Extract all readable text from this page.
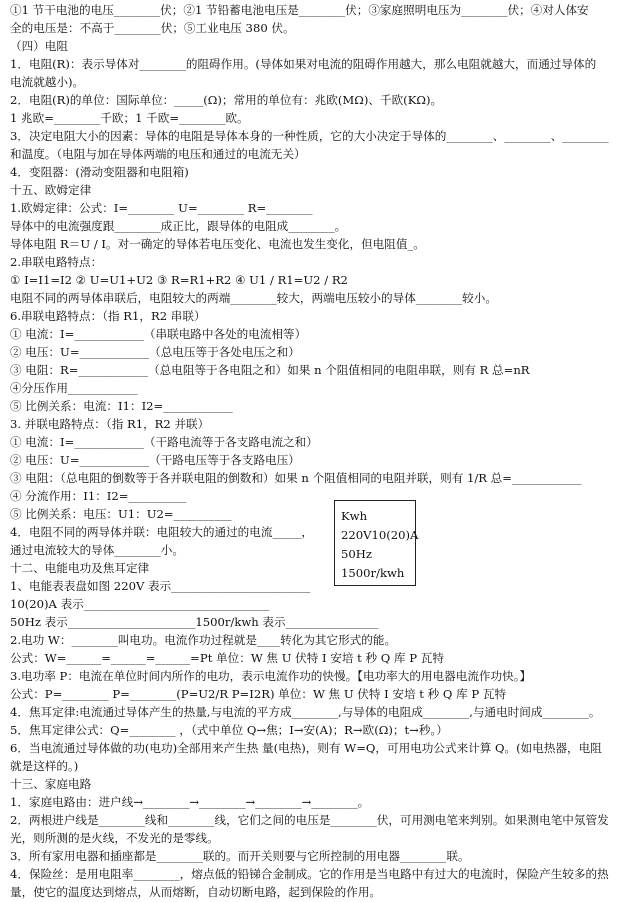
①1 节干电池的电压________伏；②1 节铅蓄电池电压是________伏；③家庭照明电压为________伏；④对人体安
全的电压是：不高于________伏；⑤工业电压 380 伏。
（四）电阻
1．电阻(R)：表示导体对________的阻碍作用。(导体如果对电流的阻碍作用越大，那么电阻就越大，而通过导体的
电流就越小)。
2．电阻(R)的单位：国际单位：_____(Ω)；常用的单位有：兆欧(MΩ)、千欧(KΩ)。
1 兆欧=________千欧；1 千欧=________欧。
3．决定电阻大小的因素：导体的电阻是导体本身的一种性质，它的大小决定于导体的________、________、________
和温度。（电阻与加在导体两端的电压和通过的电流无关）
4．变阻器：(滑动变阻器和电阻箱)
十五、欧姆定律
1.欧姆定律：公式：I=________ U=________ R=________
导体中的电流强度跟________成正比，跟导体的电阻成________。
导体电阻 R＝U / I。对一确定的导体若电压变化、电流也发生变化，但电阻值_。
2.串联电路特点：
① I=I1=I2 ② U=U1+U2 ③ R=R1+R2 ④ U1 / R1=U2 / R2
电阻不同的两导体串联后，电阻较大的两端________较大，两端电压较小的导体________较小。
6.串联电路特点：（指 R1，R2 串联）
① 电流：I=____________（串联电路中各处的电流相等）
② 电压：U=____________（总电压等于各处电压之和）
③ 电阻：R=____________（总电阻等于各电阻之和）如果 n 个阻值相同的电阻串联，则有 R 总=nR
④分压作用____________
⑤ 比例关系：电流：I1：I2=____________
3. 并联电路特点：（指 R1，R2 并联）
① 电流：I=____________（干路电流等于各支路电流之和）
② 电压：U=____________（干路电压等于各支路电压）
③ 电阻：（总电阻的倒数等于各并联电阻的倒数和）如果 n 个阻值相同的电阻并联，则有 1/R 总=____________
④ 分流作用：I1：I2=__________
⑤ 比例关系：电压：U1：U2=__________
4．电阻不同的两导体并联：电阻较大的通过的电流_____，
通过电流较大的导体________小。
十二、电能电功及焦耳定律
1、电能表表盘如图 220V 表示________________________
10(20)A 表示________________________________
50Hz 表示______________________1500r/kwh 表示________________
2.电功 W：________叫电功。电流作功过程就是____转化为其它形式的能。
公式：W=______=______=______=Pt 单位：W 焦 U 伏特 I 安培 t 秒 Q 库 P 瓦特
3.电功率 P：电流在单位时间内所作的电功，表示电流作功的快慢。【电功率大的用电器电流作功快。】
公式：P=________ P=________(P=U2/R P=I2R) 单位：W 焦 U 伏特 I 安培 t 秒 Q 库 P 瓦特
4．焦耳定律:电流通过导体产生的热量,与电流的平方成________,与导体的电阻成________,与通电时间成________。
5．焦耳定律公式：Q=________ ，（式中单位 Q→焦；I→安(A)；R→欧(Ω)；t→秒。）
6．当电流通过导体做的功(电功)全部用来产生热 量(电热)，则有 W=Q，可用电功公式来计算 Q。(如电热器，电阻
就是这样的。)
十三、家庭电路
1．家庭电路由：进户线→________→________→________→________。
2．两根进户线是________线和________线，它们之间的电压是________伏，可用测电笔来判别。如果测电笔中氖管发
光，则所测的是火线，不发光的是零线。
3．所有家用电器和插座都是________联的。而开关则要与它所控制的用电器________联。
4．保险丝：是用电阻率________，熔点低的铅锑合金制成。它的作用是当电路中有过大的电流时，保险产生较多的热
量，使它的温度达到熔点，从而熔断，自动切断电路，起到保险的作用。
Kwh
220V10(20)A
50Hz
1500r/kwh
